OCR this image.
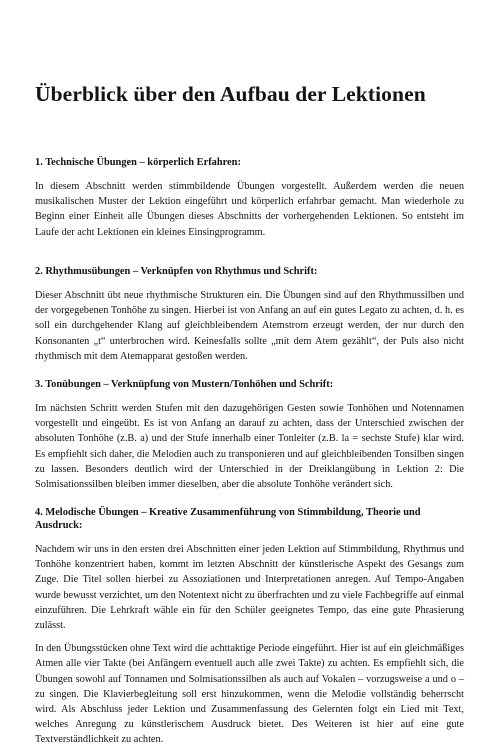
Überblick über den Aufbau der Lektionen
1. Technische Übungen – körperlich Erfahren:

In diesem Abschnitt werden stimmbildende Übungen vorgestellt. Außerdem werden die neuen musikalischen Muster der Lektion eingeführt und körperlich erfahrbar gemacht. Man wiederhole zu Beginn einer Einheit alle Übungen dieses Abschnitts der vorhergehenden Lektionen. So entsteht im Laufe der acht Lektionen ein kleines Einsingprogramm.

2. Rhythmusübungen – Verknüpfen von Rhythmus und Schrift:

Dieser Abschnitt übt neue rhythmische Strukturen ein. Die Übungen sind auf den Rhythmussilben und der vorgegebenen Tonhöhe zu singen. Hierbei ist von Anfang an auf ein gutes Legato zu achten, d. h. es soll ein durchgehender Klang auf gleichbleibendem Atemstrom erzeugt werden, der nur durch den Konsonanten „t“ unterbrochen wird. Keinesfalls sollte „mit dem Atem gezählt“, der Puls also nicht rhythmisch mit dem Atemapparat gestoßen werden.

3. Tonübungen – Verknüpfung von Mustern/Tonhöhen und Schrift:

Im nächsten Schritt werden Stufen mit den dazugehörigen Gesten sowie Tonhöhen und Notennamen vorgestellt und eingeübt. Es ist von Anfang an darauf zu achten, dass der Unterschied zwischen der absoluten Tonhöhe (z.B. a) und der Stufe innerhalb einer Tonleiter (z.B. la = sechste Stufe) klar wird. Es empfiehlt sich daher, die Melodien auch zu transponieren und auf gleichbleibenden Tonsilben singen zu lassen. Besonders deutlich wird der Unterschied in der Dreiklangübung in Lektion 2: Die Solmisationssilben bleiben immer dieselben, aber die absolute Tonhöhe verändert sich.

4. Melodische Übungen – Kreative Zusammenführung von Stimmbildung, Theorie und Ausdruck:

Nachdem wir uns in den ersten drei Abschnitten einer jeden Lektion auf Stimmbildung, Rhythmus und Tonhöhe konzentriert haben, kommt im letzten Abschnitt der künstlerische Aspekt des Gesangs zum Zuge. Die Titel sollen hierbei zu Assoziationen und Interpretationen anregen. Auf Tempo-Angaben wurde bewusst verzichtet, um den Notentext nicht zu überfrachten und zu viele Fachbegriffe auf einmal einzuführen. Die Lehrkraft wähle ein für den Schüler geeignetes Tempo, das eine gute Phrasierung zulässt.

In den Übungsstücken ohne Text wird die achttaktige Periode eingeführt. Hier ist auf ein gleichmäßiges Atmen alle vier Takte (bei Anfängern eventuell auch alle zwei Takte) zu achten. Es empfiehlt sich, die Übungen sowohl auf Tonnamen und Solmisationssilben als auch auf Vokalen – vorzugsweise a und o – zu singen. Die Klavierbegleitung soll erst hinzukommen, wenn die Melodie vollständig beherrscht wird. Als Abschluss jeder Lektion und Zusammenfassung des Gelernten folgt ein Lied mit Text, welches Anregung zu künstlerischem Ausdruck bietet. Des Weiteren ist hier auf eine gute Textverständlichkeit zu achten.
